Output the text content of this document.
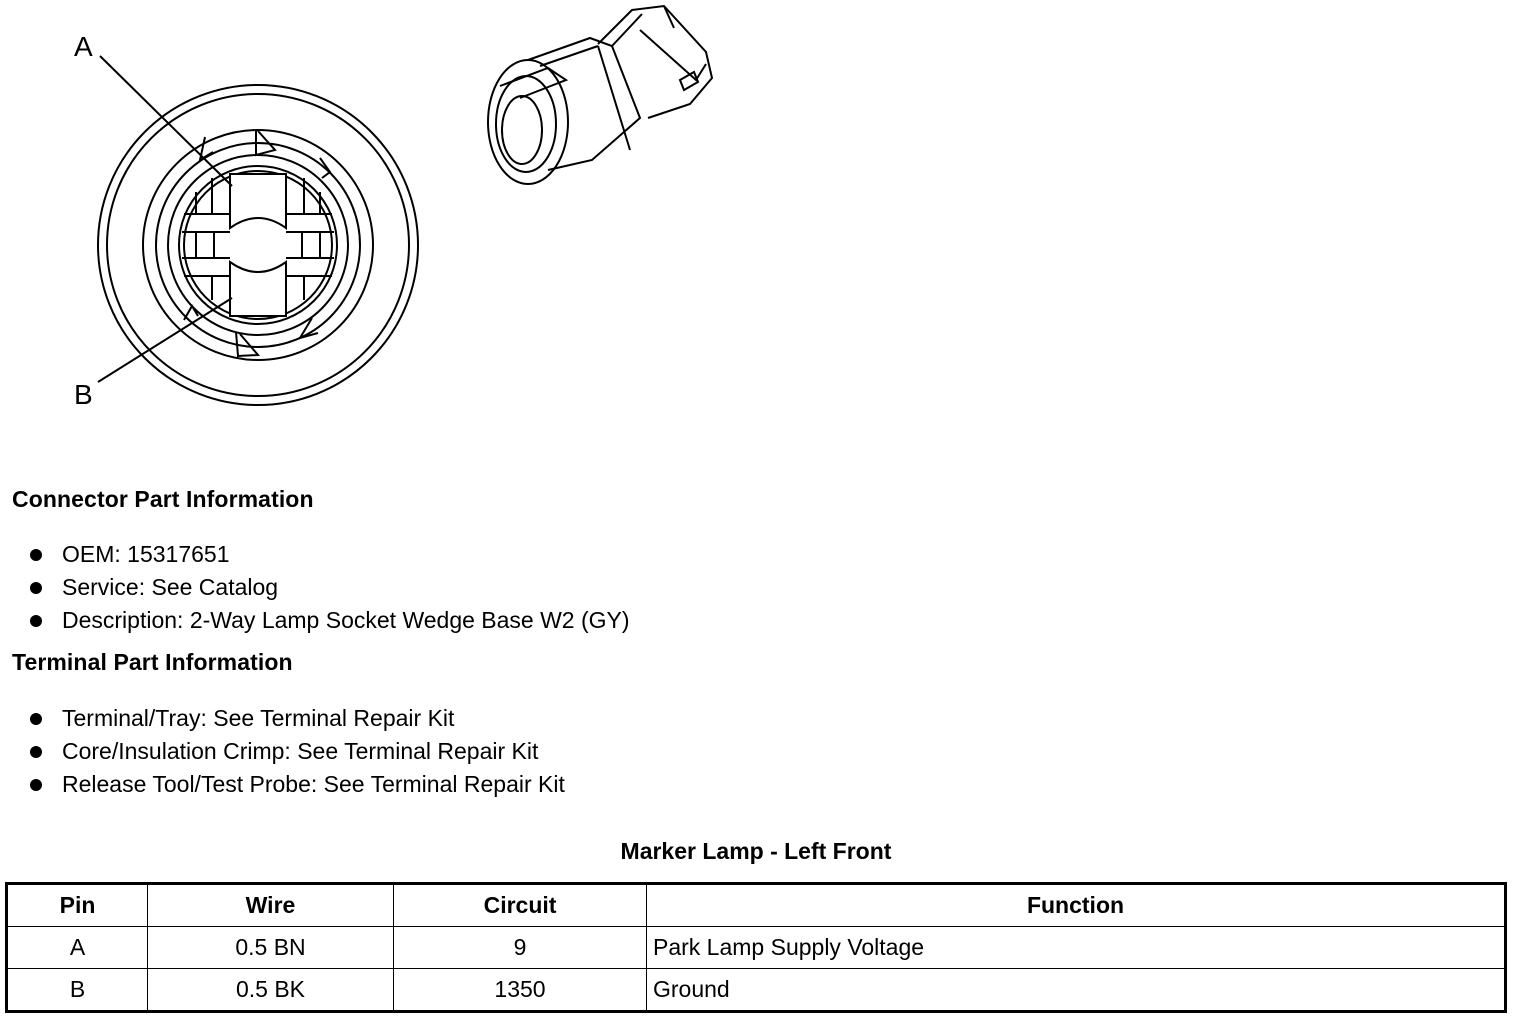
A
B
Connector Part Information
OEM: 15317651
Service: See Catalog
Description: 2-Way Lamp Socket Wedge Base W2 (GY)
Terminal Part Information
Terminal/Tray: See Terminal Repair Kit
Core/Insulation Crimp: See Terminal Repair Kit
Release Tool/Test Probe: See Terminal Repair Kit
Marker Lamp - Left Front
Pin	Wire	Circuit	Function
A	0.5 BN	9	Park Lamp Supply Voltage
B	0.5 BK	1350	Ground
